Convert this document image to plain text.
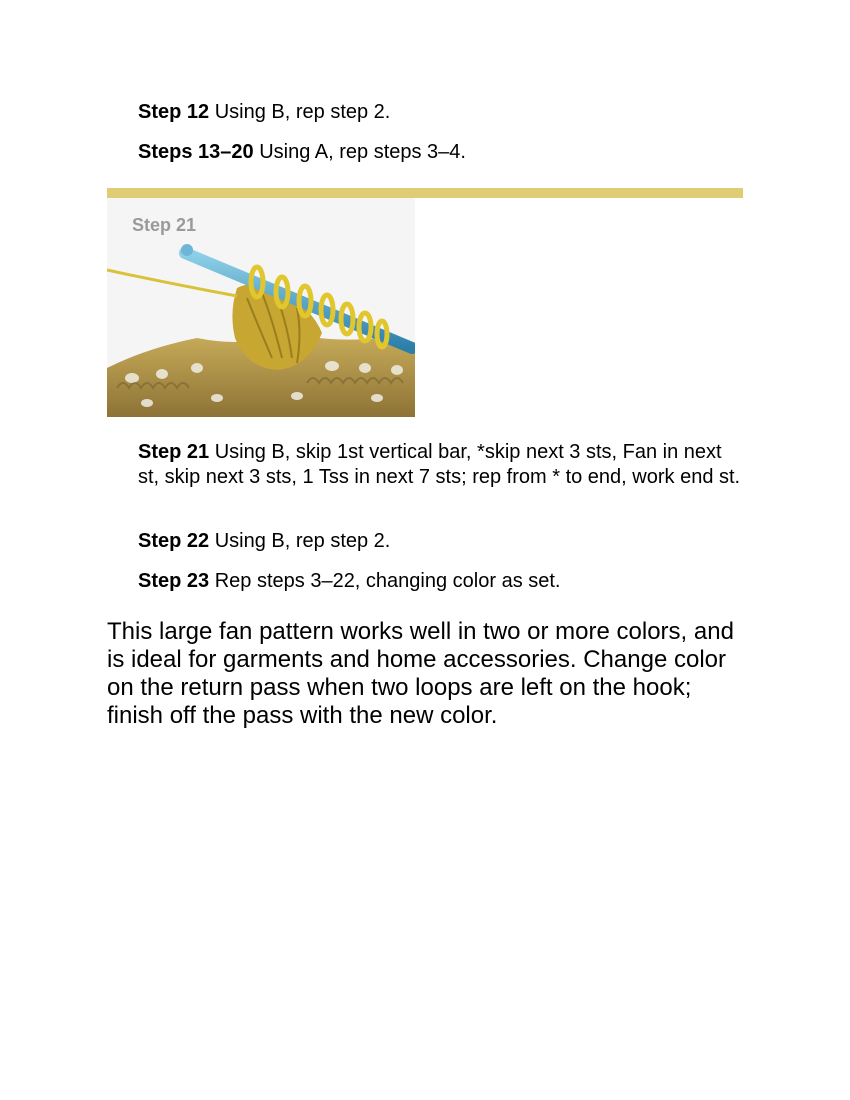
Step 12 Using B, rep step 2.

Steps 13–20 Using A, rep steps 3–4.

Step 21

Step 21 Using B, skip 1st vertical bar, *skip next 3 sts, Fan in next st, skip next 3 sts, 1 Tss in next 7 sts; rep from * to end, work end st.

Step 22 Using B, rep step 2.

Step 23 Rep steps 3–22, changing color as set.

This large fan pattern works well in two or more colors, and is ideal for garments and home accessories. Change color on the return pass when two loops are left on the hook; finish off the pass with the new color.
